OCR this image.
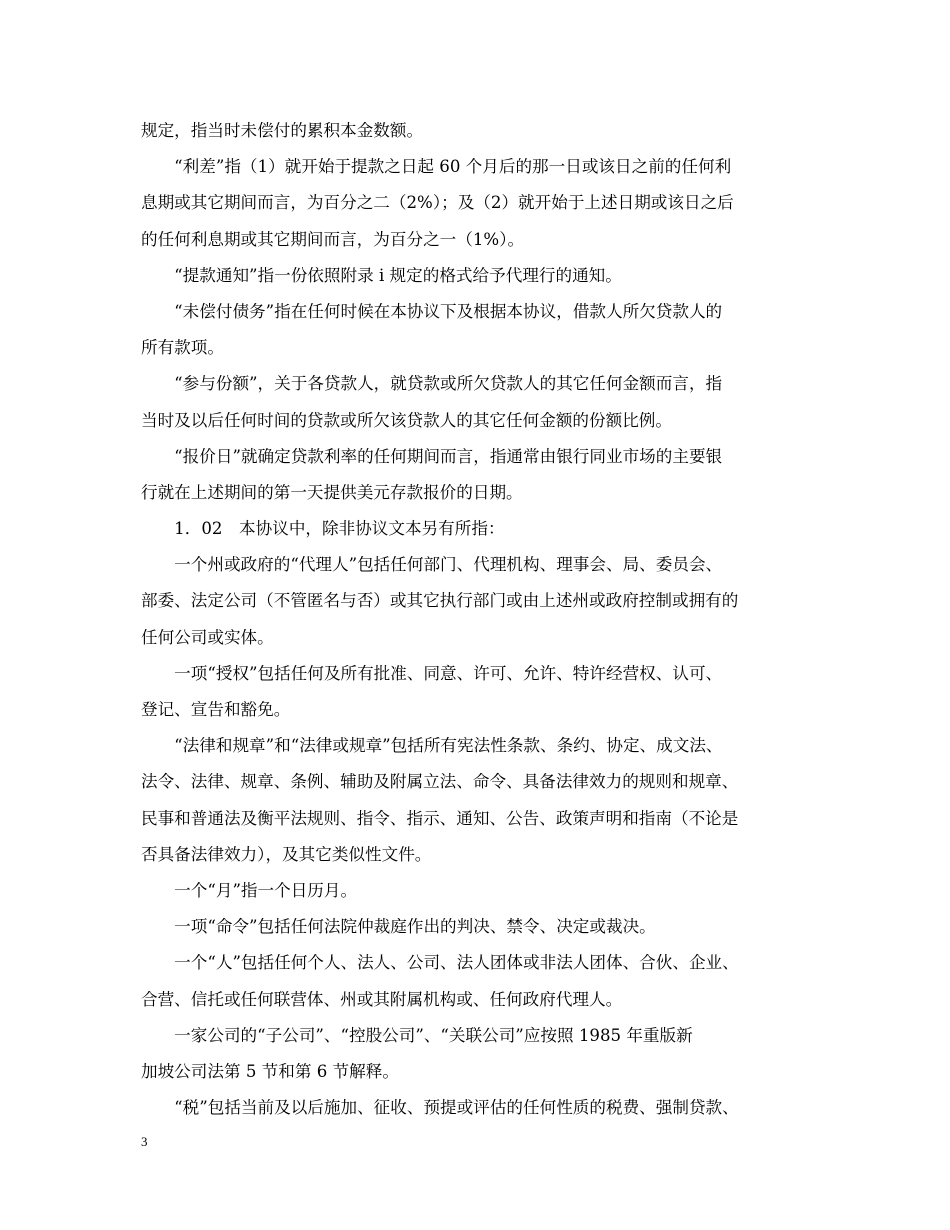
规定，指当时未偿付的累积本金数额。
　　“利差”指（1）就开始于提款之日起 60 个月后的那一日或该日之前的任何利
息期或其它期间而言，为百分之二（2%）；及（2）就开始于上述日期或该日之后
的任何利息期或其它期间而言，为百分之一（1%）。
　　“提款通知”指一份依照附录 i 规定的格式给予代理行的通知。
　　“未偿付债务”指在任何时候在本协议下及根据本协议，借款人所欠贷款人的
所有款项。
　　“参与份额”，关于各贷款人，就贷款或所欠贷款人的其它任何金额而言，指
当时及以后任何时间的贷款或所欠该贷款人的其它任何金额的份额比例。
　　“报价日”就确定贷款利率的任何期间而言，指通常由银行同业市场的主要银
行就在上述期间的第一天提供美元存款报价的日期。
　　1．02　本协议中，除非协议文本另有所指：
　　一个州或政府的“代理人”包括任何部门、代理机构、理事会、局、委员会、
部委、法定公司（不管匿名与否）或其它执行部门或由上述州或政府控制或拥有的
任何公司或实体。
　　一项“授权”包括任何及所有批准、同意、许可、允许、特许经营权、认可、
登记、宣告和豁免。
　　“法律和规章”和“法律或规章”包括所有宪法性条款、条约、协定、成文法、
法令、法律、规章、条例、辅助及附属立法、命令、具备法律效力的规则和规章、
民事和普通法及衡平法规则、指令、指示、通知、公告、政策声明和指南（不论是
否具备法律效力），及其它类似性文件。
　　一个“月”指一个日历月。
　　一项“命令”包括任何法院仲裁庭作出的判决、禁令、决定或裁决。
　　一个“人”包括任何个人、法人、公司、法人团体或非法人团体、合伙、企业、
合营、信托或任何联营体、州或其附属机构或、任何政府代理人。
　　一家公司的“子公司”、“控股公司”、“关联公司”应按照 1985 年重版新
加坡公司法第 5 节和第 6 节解释。
　　“税”包括当前及以后施加、征收、预提或评估的任何性质的税费、强制贷款、
3
